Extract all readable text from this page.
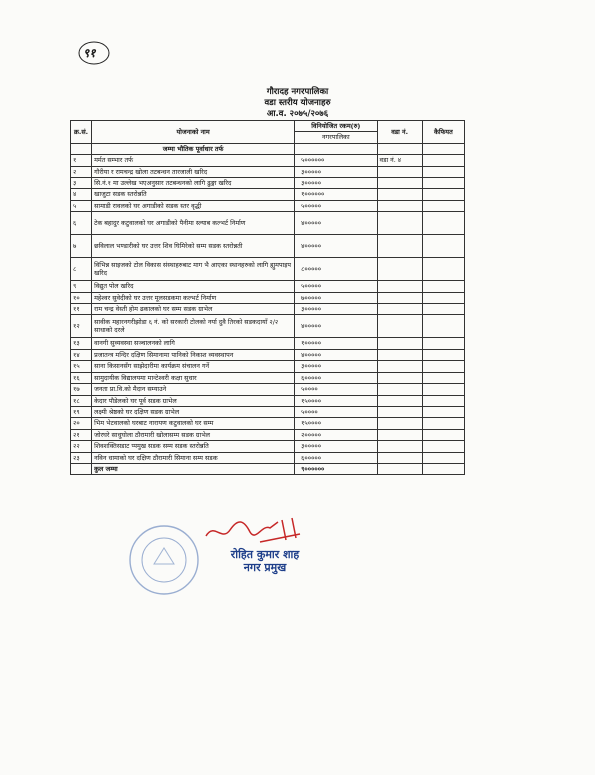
९१
गौरादह नगरपालिका
वडा स्तरीय योजनाहरु
आ.व. २०७५/२०७६
क्र.सं.	योजनाको नाम	विनियोजित रकम(रु)	वडा नं.	कैफियत
		नगरपालिका		
	जम्मा भौतिक पूर्वाधार तर्फ			
१	मर्मत सम्भार तर्फ	५००००००	वडा नं. ४	
२	गौरीया र रामचन्द्र खोला तटबन्धन तारजाली खरिद	३०००००		
३	सि.नं.१ मा उल्लेख भएअनुसार तटबन्धनको लागि ढुङ्गा खरिद	३०००००		
४	खाजुटा सडक स्तरोन्नति	१००००००		
५	सामाडी रावलको घर अगाडीको सडक स्तर वृद्धी	५०००००		
६	टेक बहादुर कटुवालको घर अगाडीको पैनीमा स्ल्याब कल्भर्ट निर्माण	४०००००		
७	छविलाल भण्डारीको घर उत्तर शिव घिमिरेको सम्म सडक स्तरोन्नती	४०००००		
८	विभिन्न साइजको टोल विकास संस्थाहरुबाट माग भै आएका स्थानहरुको लागि ह्युमपाइप खरिद	८०००००		
९	विद्युत पोल खरिद	५०००००		
१०	महेश्वर सुवेदीको घर उत्तर मूलसडकमा कल्भर्ट निर्माण	७०००००		
११	राम चन्द्र वेस्ती होम ढकालको घर सम्म सडक ग्राभेल	३०००००		
१२	सावीक महारनगरीझोडा ६ नं. को सरकारी टोलको नर्या दुवै तिरको सडकदायाँ २/२ साधाको दरले	४०००००		
१३	वानगी सुव्यवस्था सञ्चालनको लागि	१०००००		
१४	प्रजातन्त्र मन्दिर दक्षिण सिमानामा पानिको निकाश व्यवस्थापन	४०००००		
१५	साना किसानसँग साझेदारीमा कार्यक्रम संचालन गर्ने	३०००००		
१६	सामुदायीक विद्यालयमा मान्टेश्वरी कक्षा सुधार	६०००००		
१७	जनता प्रा.वि.को मैदान सम्याउने	५००००		
१८	केदार पौडेलको घर पूर्व सडक ग्राभेल	१५००००		
१९	लक्ष्मी श्रेष्ठको घर दक्षिण सडक ग्राभेल	५००००		
२०	भिम भेटवालको घरबाट नारायण कटुवालको घर सम्म	१५००००		
२१	जोरघरे साधुघोला ठौरामारी खोलासम्म सडक ग्राभेल	२०००००		
२२	शिवशक्तिसडाट प्पमुख सडक सम्म सडक स्तरोन्नति	३०००००		
२३	नविन धामाको घर दक्षिण ठौरामारी सिमाना सम्म सडक	६०००००		
	कुल जम्मा	९००००००		
रोहित कुमार शाह
नगर प्रमुख
